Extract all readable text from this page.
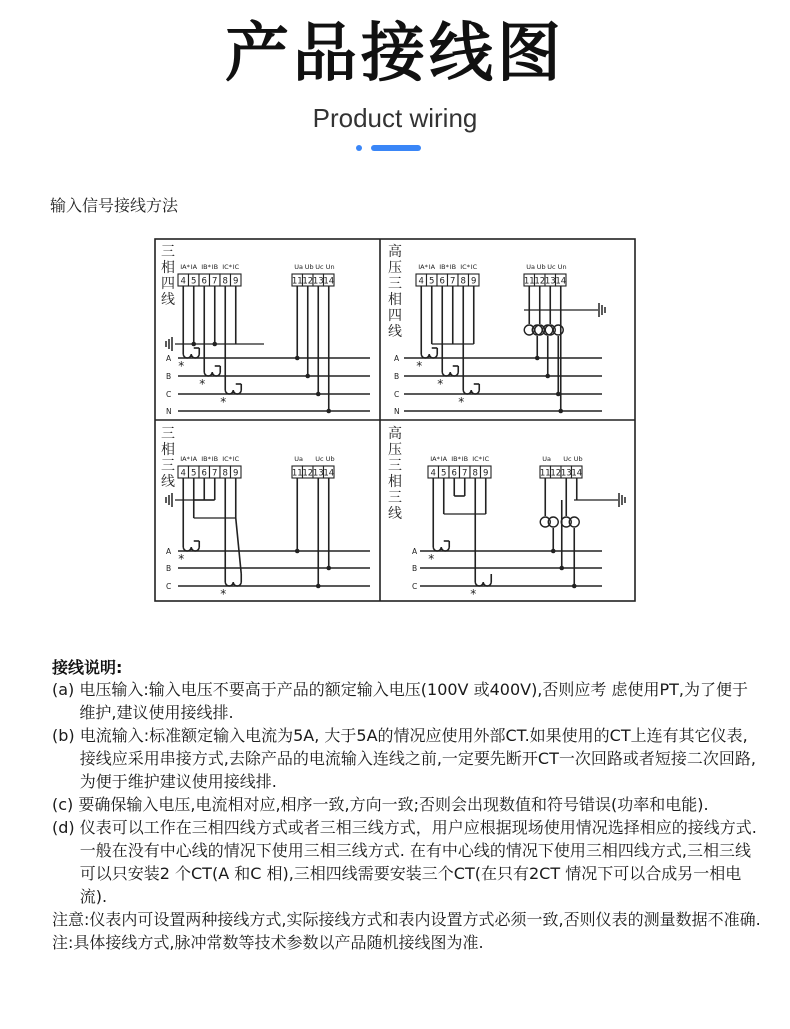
产品接线图
Product wiring
输入信号接线方法
三
相
四
线
4 5 6 7 8 9	11 12 13 14
IA* IA IB* IB IC* IC	Ua Ub Uc Un
A
B
C
N
*
*
*
高
压
三
相
四
线
4 5 6 7 8 9	11 12 13 14
IA* IA IB* IB IC* IC	Ua Ub Uc Un
A
B
C
N
*
*
*
三
相
三
线
4 5 6 7 8 9	11 12 13 14
IA* IA IB* IB IC* IC	Ua Uc Ub
A
B
C
*
*
高
压
三
相
三
线
4 5 6 7 8 9	11 12 13 14
IA* IA IB* IB IC* IC	Ua Uc Ub
A
B
C
*
*
接线说明:
(a) 电压输入:输入电压不要高于产品的额定输入电压(100V 或400V),否则应考 虑使用PT,为了便于维护,建议使用接线排.
(b) 电流输入:标准额定输入电流为5A, 大于5A的情况应使用外部CT.如果使用的CT上连有其它仪表,接线应采用串接方式,去除产品的电流输入连线之前,一定要先断开CT一次回路或者短接二次回路,为便于维护建议使用接线排.
(c) 要确保输入电压,电流相对应,相序一致,方向一致;否则会出现数值和符号错误(功率和电能).
(d) 仪表可以工作在三相四线方式或者三相三线方式，用户应根据现场使用情况选择相应的接线方式. 一般在没有中心线的情况下使用三相三线方式. 在有中心线的情况下使用三相四线方式,三相三线可以只安装2 个CT(A 和C 相),三相四线需要安装三个CT(在只有2CT 情况下可以合成另一相电流).
注意: 仪表内可设置两种接线方式,实际接线方式和表内设置方式必须一致,否则仪表的测量数据不准确.
注: 具体接线方式,脉冲常数等技术参数以产品随机接线图为准.
